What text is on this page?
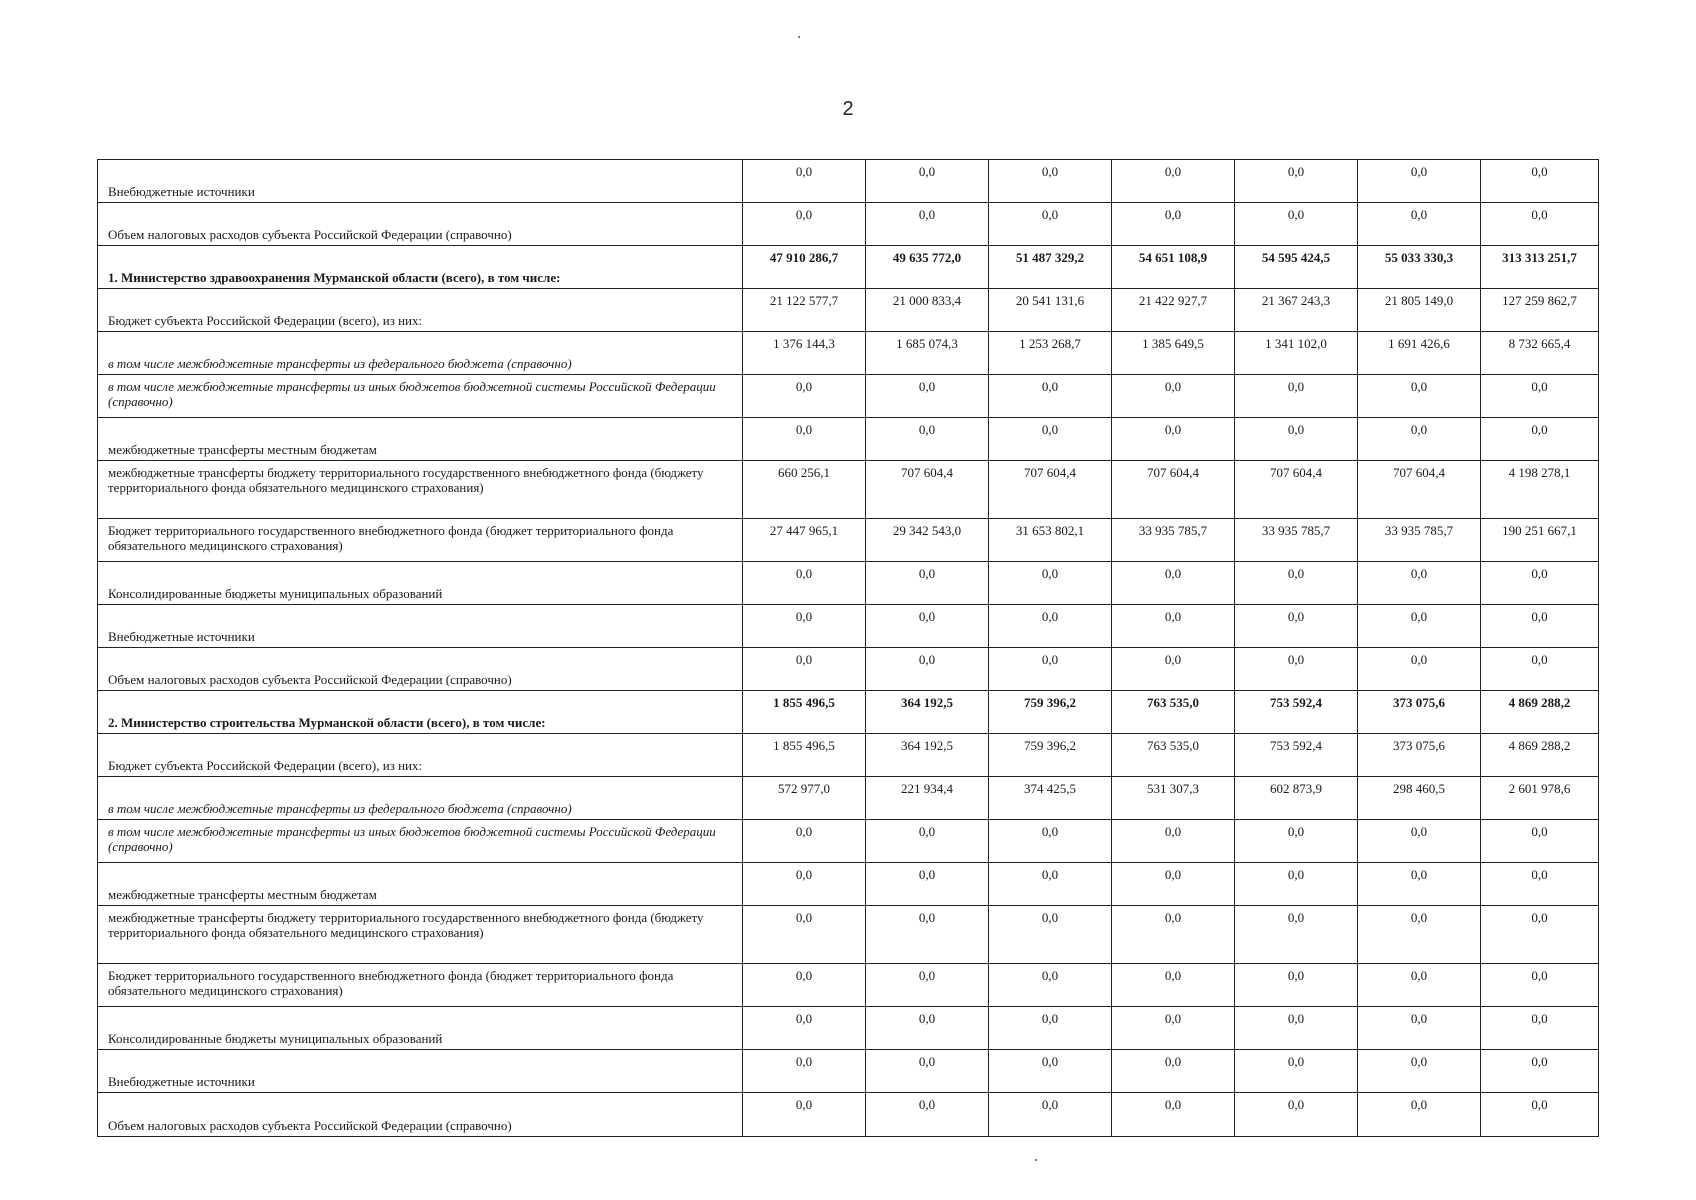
2
Внебюджетные источники	0,0	0,0	0,0	0,0	0,0	0,0	0,0
Объем налоговых расходов субъекта Российской Федерации (справочно)	0,0	0,0	0,0	0,0	0,0	0,0	0,0
1. Министерство здравоохранения Мурманской области (всего), в том числе:	47 910 286,7	49 635 772,0	51 487 329,2	54 651 108,9	54 595 424,5	55 033 330,3	313 313 251,7
Бюджет субъекта Российской Федерации (всего), из них:	21 122 577,7	21 000 833,4	20 541 131,6	21 422 927,7	21 367 243,3	21 805 149,0	127 259 862,7
в том числе межбюджетные трансферты из федерального бюджета (справочно)	1 376 144,3	1 685 074,3	1 253 268,7	1 385 649,5	1 341 102,0	1 691 426,6	8 732 665,4
в том числе межбюджетные трансферты из иных бюджетов бюджетной системы Российской Федерации (справочно)	0,0	0,0	0,0	0,0	0,0	0,0	0,0
межбюджетные трансферты местным бюджетам	0,0	0,0	0,0	0,0	0,0	0,0	0,0
межбюджетные трансферты бюджету территориального государственного внебюджетного фонда (бюджету территориального фонда обязательного медицинского страхования)	660 256,1	707 604,4	707 604,4	707 604,4	707 604,4	707 604,4	4 198 278,1
Бюджет территориального государственного внебюджетного фонда (бюджет территориального фонда обязательного медицинского страхования)	27 447 965,1	29 342 543,0	31 653 802,1	33 935 785,7	33 935 785,7	33 935 785,7	190 251 667,1
Консолидированные бюджеты муниципальных образований	0,0	0,0	0,0	0,0	0,0	0,0	0,0
Внебюджетные источники	0,0	0,0	0,0	0,0	0,0	0,0	0,0
Объем налоговых расходов субъекта Российской Федерации (справочно)	0,0	0,0	0,0	0,0	0,0	0,0	0,0
2. Министерство строительства Мурманской области (всего), в том числе:	1 855 496,5	364 192,5	759 396,2	763 535,0	753 592,4	373 075,6	4 869 288,2
Бюджет субъекта Российской Федерации (всего), из них:	1 855 496,5	364 192,5	759 396,2	763 535,0	753 592,4	373 075,6	4 869 288,2
в том числе межбюджетные трансферты из федерального бюджета (справочно)	572 977,0	221 934,4	374 425,5	531 307,3	602 873,9	298 460,5	2 601 978,6
в том числе межбюджетные трансферты из иных бюджетов бюджетной системы Российской Федерации (справочно)	0,0	0,0	0,0	0,0	0,0	0,0	0,0
межбюджетные трансферты местным бюджетам	0,0	0,0	0,0	0,0	0,0	0,0	0,0
межбюджетные трансферты бюджету территориального государственного внебюджетного фонда (бюджету территориального фонда обязательного медицинского страхования)	0,0	0,0	0,0	0,0	0,0	0,0	0,0
Бюджет территориального государственного внебюджетного фонда (бюджет территориального фонда обязательного медицинского страхования)	0,0	0,0	0,0	0,0	0,0	0,0	0,0
Консолидированные бюджеты муниципальных образований	0,0	0,0	0,0	0,0	0,0	0,0	0,0
Внебюджетные источники	0,0	0,0	0,0	0,0	0,0	0,0	0,0
Объем налоговых расходов субъекта Российской Федерации (справочно)	0,0	0,0	0,0	0,0	0,0	0,0	0,0
